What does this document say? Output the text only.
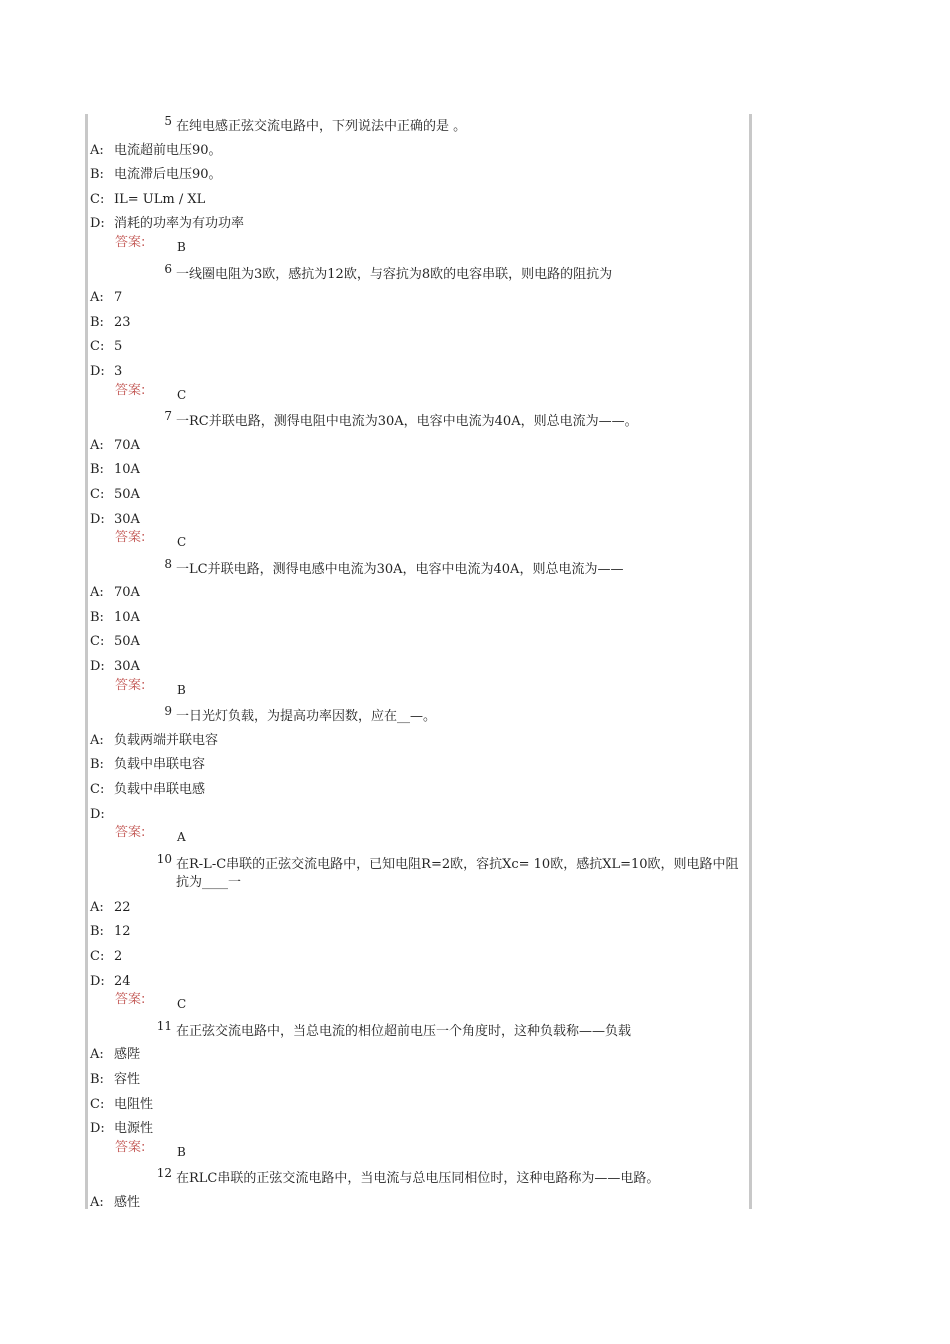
5 在纯电感正弦交流电路中，下列说法中正确的是 。
A: 电流超前电压90。
B: 电流滞后电压90。
C: IL= ULm / XL
D: 消耗的功率为有功功率
答案:	B
6 一线圈电阻为3欧，感抗为12欧，与容抗为8欧的电容串联，则电路的阻抗为
A: 7
B: 23
C: 5
D: 3
答案:	C
7 一RC并联电路，测得电阻中电流为30A，电容中电流为40A，则总电流为——。
A: 70A
B: 10A
C: 50A
D: 30A
答案:	C
8 一LC并联电路，测得电感中电流为30A，电容中电流为40A，则总电流为——
A: 70A
B: 10A
C: 50A
D: 30A
答案:	B
9 一日光灯负载，为提高功率因数，应在__—。
A: 负载两端并联电容
B: 负载中串联电容
C: 负载中串联电感
D:
答案:	A
10 在R-L-C串联的正弦交流电路中，已知电阻R=2欧，容抗Xc= 10欧，感抗XL=10欧，则电路中阻抗为____一
A: 22
B: 12
C: 2
D: 24
答案:	C
11 在正弦交流电路中，当总电流的相位超前电压一个角度时，这种负载称——负载
A: 感陛
B: 容性
C: 电阻性
D: 电源性
答案:	B
12 在RLC串联的正弦交流电路中，当电流与总电压同相位时，这种电路称为——电路。
A: 感性
